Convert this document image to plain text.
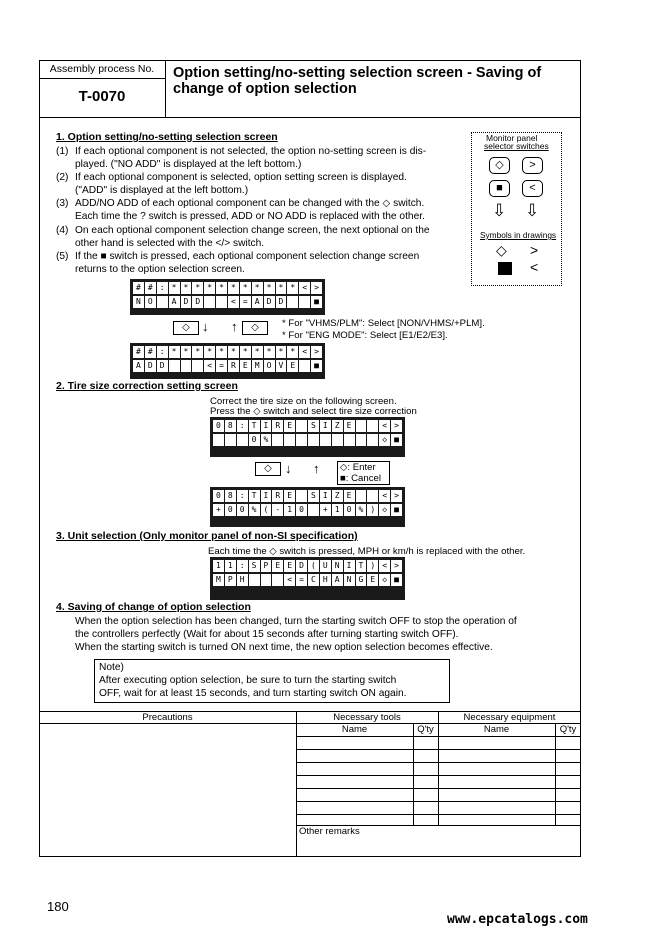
Assembly process No.
T-0070
Option setting/no-setting selection screen - Saving of
change of option selection
1. Option setting/no-setting selection screen
(1) If each optional component is not selected, the option no-setting screen is dis-
played. ("NO ADD" is displayed at the left bottom.)
(2) If each optional component is selected, option setting screen is displayed.
("ADD" is displayed at the left bottom.)
(3) ADD/NO ADD of each optional component can be changed with the ◇ switch.
Each time the ? switch is pressed, ADD or NO ADD is replaced with the other.
(4) On each optional component selection change screen, the next optional on the
other hand is selected with the </> switch.
(5) If the ■ switch is pressed, each optional component selection change screen
returns to the option selection screen.
Monitor panel
selector switches
◇	>
■	<
⇩ ⇩
Symbols in drawings
◇ >
<
# # : * * * * * * * * * * * < >
N O	A D D	< = A D D	■
◇ ↓ ↑	◇	* For "VHMS/PLM": Select [NON/VHMS/+PLM].
* For "ENG MODE": Select [E1/E2/E3].
# # : * * * * * * * * * * * < >
A D D	< = R E M O V E	■
2. Tire size correction setting screen
Correct the tire size on the following screen.
Press the ◇ switch and select tire size correction
0 8 : T I R E	S I Z E	< >
0 %	◇ ■
◇	↓ ↑ ◇: Enter
■: Cancel
0 8 : T I R E	S I Z E	< >
+ 0 0 % ( - 1 0	+ 1 0 % ) ◇ ■
3. Unit selection (Only monitor panel of non-SI specification)
Each time the ◇ switch is pressed, MPH or km/h is replaced with the other.
1 1 : S P E E D ( U N I T ) < >
M P H	< = C H A N G E ◇ ■
4. Saving of change of option selection
When the option selection has been changed, turn the starting switch OFF to stop the operation of
the controllers perfectly (Wait for about 15 seconds after turning starting switch OFF).
When the starting switch is turned ON next time, the new option selection becomes effective.
Note)
After executing option selection, be sure to turn the starting switch
OFF, wait for at least 15 seconds, and turn starting switch ON again.
Precautions	Necessary tools	Necessary equipment
Name	Q'ty	Name	Q'ty
Other remarks
180
www.epcatalogs.com
